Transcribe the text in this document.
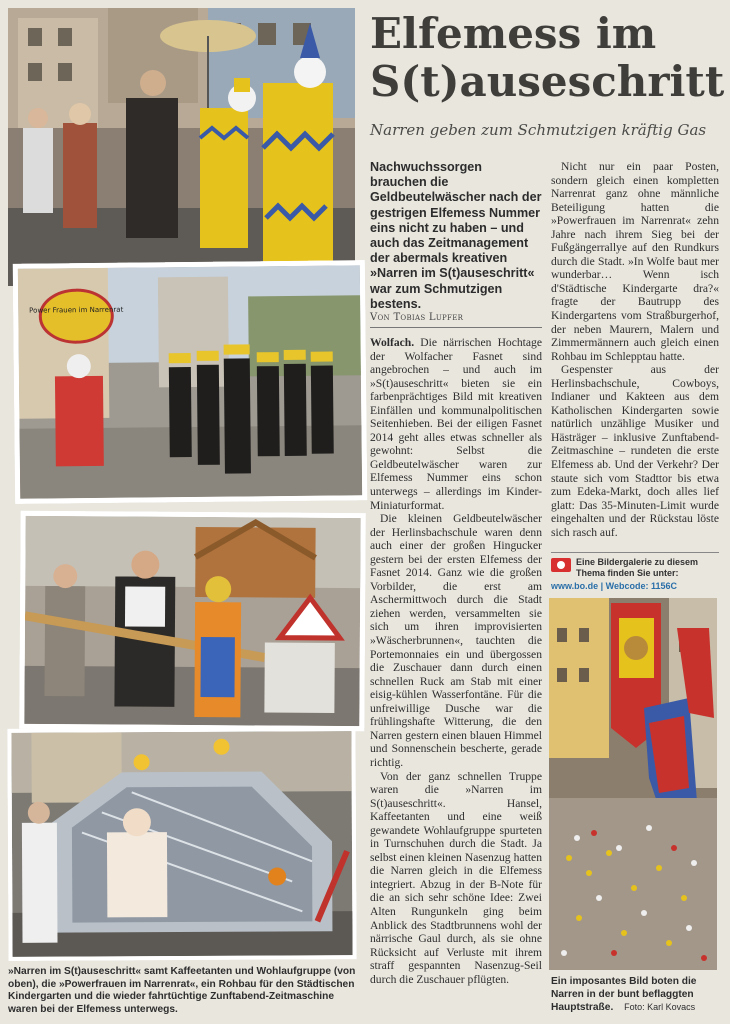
Power Frauen im Narrenrat
Elfemess im S(t)auseschritt
Narren geben zum Schmutzigen kräftig Gas
Nachwuchssorgen brauchen die Geldbeutelwäscher nach der gestrigen Elfemess Nummer eins nicht zu haben – und auch das Zeitmanagement der abermals kreativen »Narren im S(t)auseschritt« war zum Schmutzigen bestens.
Von Tobias Lupfer

Wolfach. Die närrischen Hochtage der Wolfacher Fasnet sind angebrochen – und auch im »S(t)auseschritt« bieten sie ein farbenprächtiges Bild mit kreativen Einfällen und kommunalpolitischen Seitenhieben. Bei der eiligen Fasnet 2014 geht alles etwas schneller als gewohnt: Selbst die Geldbeutelwäscher waren zur Elfemess Nummer eins schon unterwegs – allerdings im Kinder-Miniaturformat.

Die kleinen Geldbeutelwäscher der Herlinsbachschule waren denn auch einer der großen Hingucker gestern bei der ersten Elfemess der Fasnet 2014. Ganz wie die großen Vorbilder, die erst am Aschermittwoch durch die Stadt ziehen werden, versammelten sie sich um ihren improvisierten »Wäscherbrunnen«, tauchten die Portemonnaies ein und übergossen die Zuschauer dann durch einen schnellen Ruck am Stab mit einer eisig-kühlen Wasserfontäne. Für die unfreiwillige Dusche war die frühlingshafte Witterung, die den Narren gestern einen blauen Himmel und Sonnenschein bescherte, gerade richtig.

Von der ganz schnellen Truppe waren die »Narren im S(t)auseschritt«. Hansel, Kaffeetanten und eine weiß gewandete Wohlaufgruppe spurteten in Turnschuhen durch die Stadt. Ja selbst einen kleinen Nasenzug hatten die Narren gleich in die Elfemess integriert. Abzug in der B-Note für die an sich sehr schöne Idee: Zwei Alten Rungunkeln ging beim Anblick des Stadtbrunnens wohl der närrische Gaul durch, als sie ohne Rücksicht auf Verluste mit ihrem straff gespannten Nasenzug-Seil durch die Zuschauer pflügten.

Nicht nur ein paar Posten, sondern gleich einen kompletten Narrenrat ganz ohne männliche Beteiligung hatten die »Powerfrauen im Narrenrat« zehn Jahre nach ihrem Sieg bei der Fußgängerrallye auf den Rundkurs durch die Stadt. »In Wolfe baut mer wunderbar… Wenn isch d'Städtische Kindergarte dra?« fragte der Bautrupp des Kindergartens vom Straßburgerhof, der neben Maurern, Malern und Zimmermännern auch gleich einen Rohbau im Schlepptau hatte.

Gespenster aus der Herlinsbachschule, Cowboys, Indianer und Kakteen aus dem Katholischen Kindergarten sowie natürlich unzählige Musiker und Hästräger – inklusive Zunftabend-Zeitmaschine – rundeten die erste Elfemess ab. Und der Verkehr? Der staute sich vom Stadttor bis etwa zum Edeka-Markt, doch alles lief glatt: Das 35-Minuten-Limit wurde eingehalten und der Rückstau löste sich rasch auf.

Eine Bildergalerie zu diesem Thema finden Sie unter:
www.bo.de | Webcode: 1156C
»Narren im S(t)auseschritt« samt Kaffeetanten und Wohlaufgruppe (von oben), die »Powerfrauen im Narrenrat«, ein Rohbau für den Städtischen Kindergarten und die wieder fahrtüchtige Zunftabend-Zeitmaschine waren bei der Elfemess unterwegs.
Ein imposantes Bild boten die Narren in der bunt beflaggten Hauptstraße. Foto: Karl Kovacs
